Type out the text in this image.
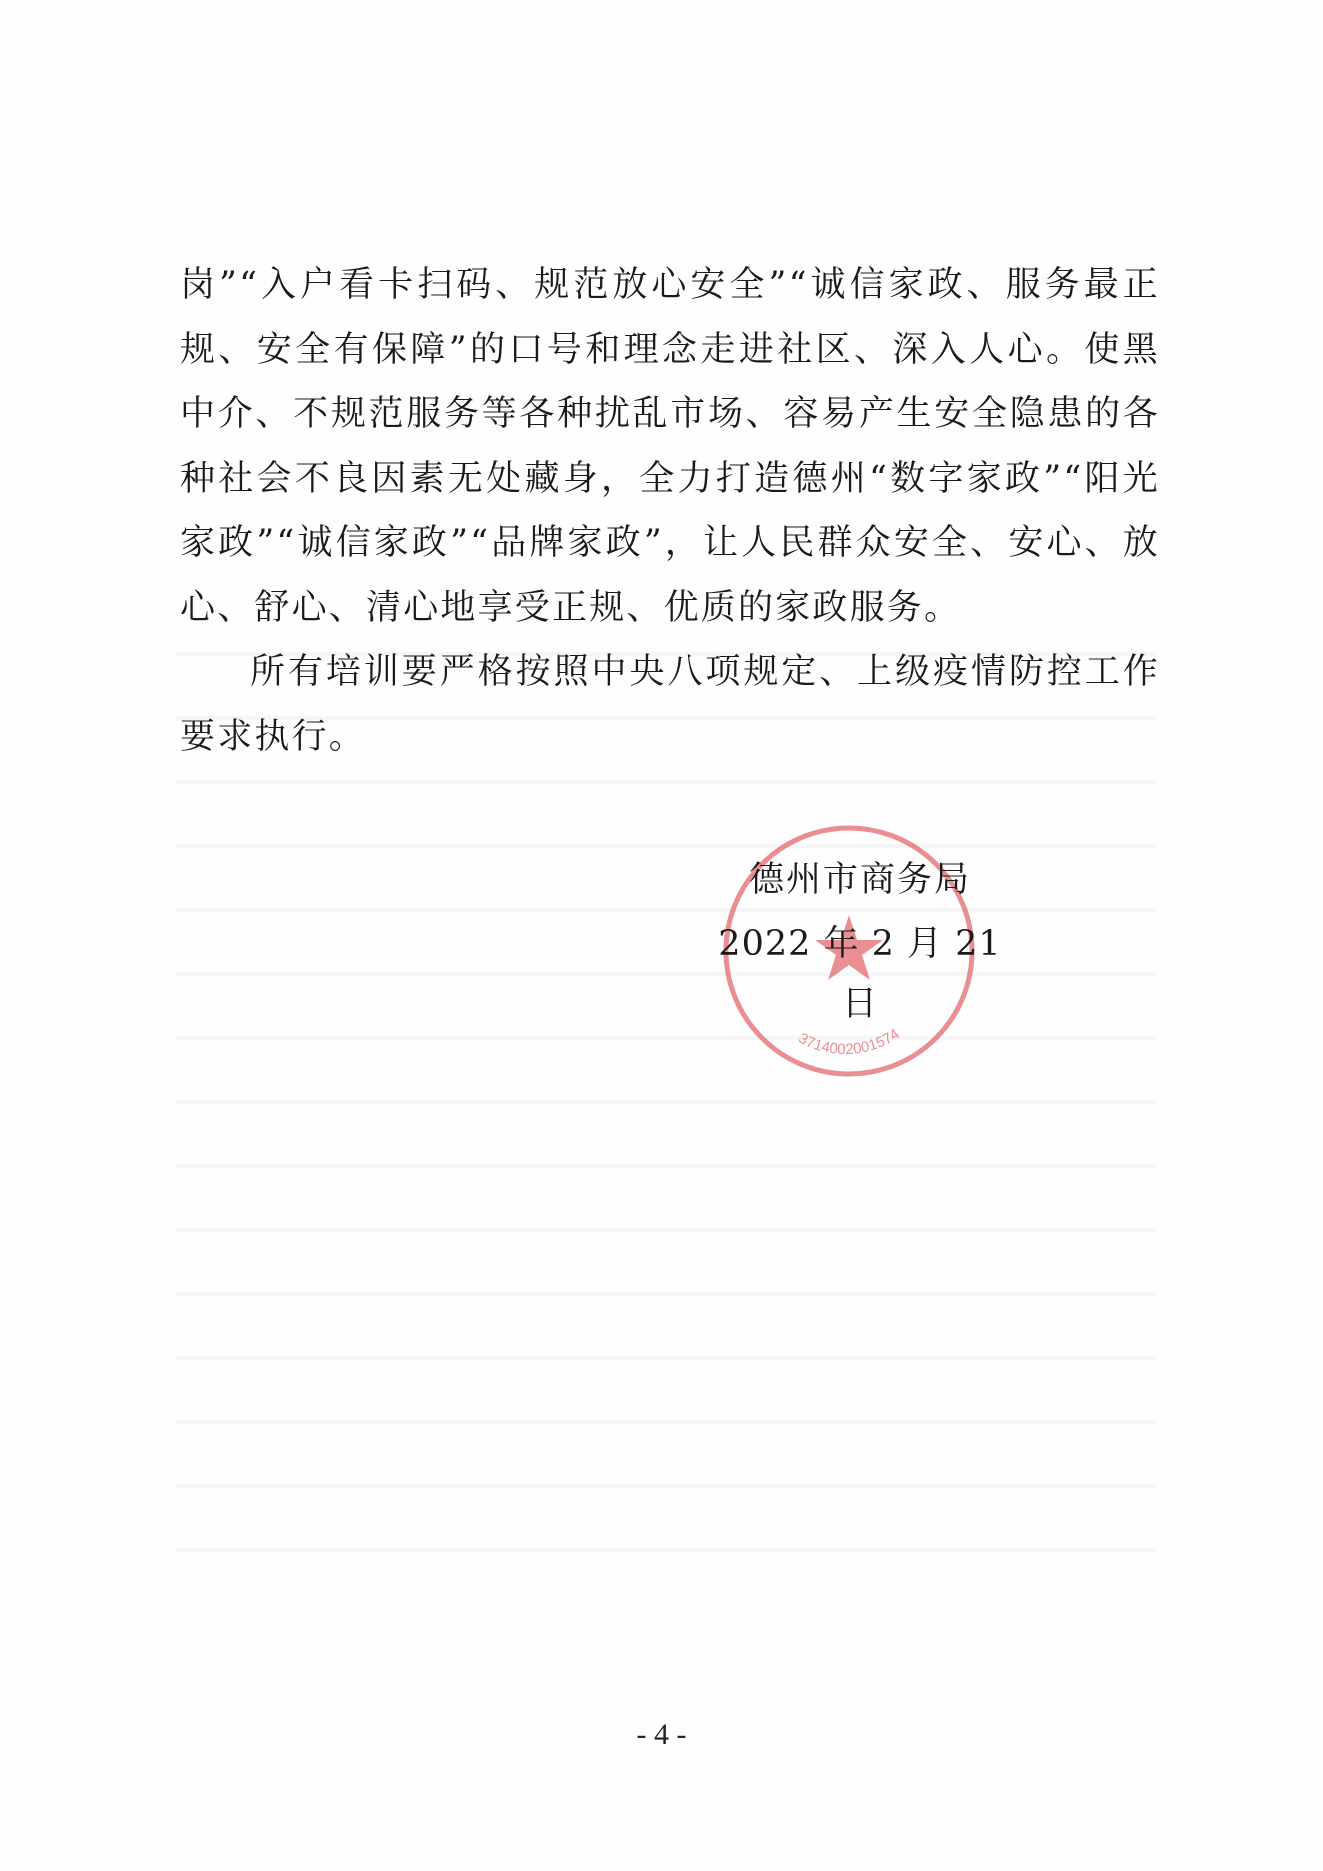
岗”“入户看卡扫码、规范放心安全”“诚信家政、服务最正规、安全有保障”的口号和理念走进社区、深入人心。使黑中介、不规范服务等各种扰乱市场、容易产生安全隐患的各种社会不良因素无处藏身，全力打造德州“数字家政”“阳光家政”“诚信家政”“品牌家政”，让人民群众安全、安心、放心、舒心、清心地享受正规、优质的家政服务。

所有培训要严格按照中央八项规定、上级疫情防控工作要求执行。

3714002001574
德州市商务局
2022 年 2 月 21 日
- 4 -
